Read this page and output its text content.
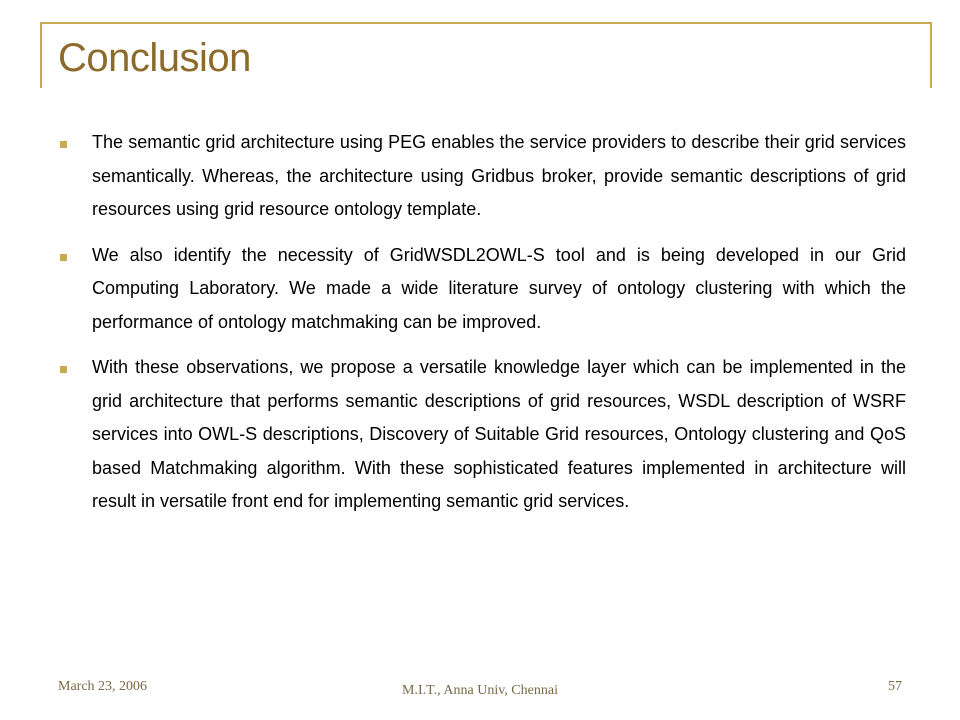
Conclusion
The semantic grid architecture using PEG enables the service providers to describe their grid services semantically. Whereas, the architecture using Gridbus broker, provide semantic descriptions of grid resources using grid resource ontology template.
We also identify the necessity of GridWSDL2OWL-S tool and is being developed in our Grid Computing Laboratory. We made a wide literature survey of ontology clustering with which the performance of ontology matchmaking can be improved.
With these observations, we propose a versatile knowledge layer which can be implemented in the grid architecture that performs semantic descriptions of grid resources, WSDL description of WSRF services into OWL-S descriptions, Discovery of Suitable Grid resources, Ontology clustering and QoS based Matchmaking algorithm. With these sophisticated features implemented in architecture will result in versatile front end for implementing semantic grid services.
March 23, 2006	M.I.T., Anna Univ, Chennai	57
